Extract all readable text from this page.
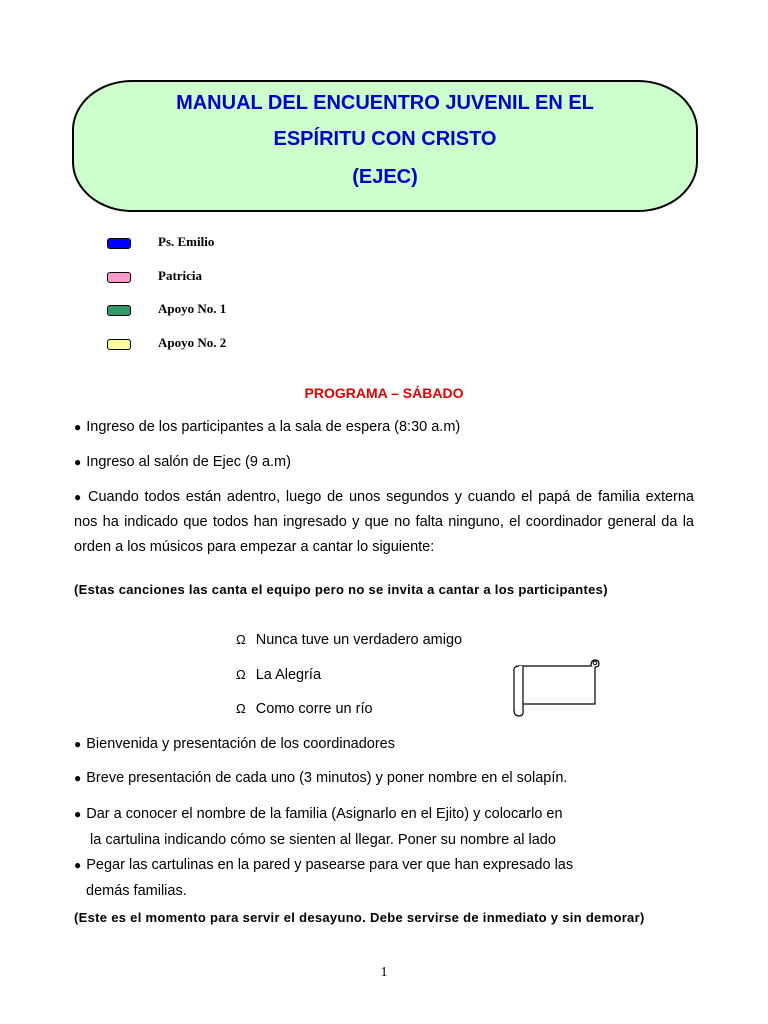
MANUAL DEL ENCUENTRO JUVENIL EN EL
ESPÍRITU CON CRISTO
(EJEC)
Ps. Emilio
Patricia
Apoyo No. 1
Apoyo No. 2
PROGRAMA – SÁBADO
● Ingreso de los participantes a la sala de espera (8:30 a.m)
● Ingreso al salón de Ejec (9 a.m)
● Cuando todos están adentro, luego de unos segundos y cuando el papá de familia externa nos ha indicado que todos han ingresado y que no falta ninguno, el coordinador general da la orden a los músicos para empezar a cantar lo siguiente:
(Estas canciones las canta el equipo pero no se invita a cantar a los participantes)
Ω Nunca tuve un verdadero amigo
Ω La Alegría
Ω Como corre un río
● Bienvenida y presentación de los coordinadores
● Breve presentación de cada uno (3 minutos) y poner nombre en el solapín.
● Dar a conocer el nombre de la familia (Asignarlo en el Ejito) y colocarlo en
la cartulina indicando cómo se sienten al llegar. Poner su nombre al lado
● Pegar las cartulinas en la pared y pasearse para ver que han expresado las
demás familias.
(Este es el momento para servir el desayuno. Debe servirse de inmediato y sin demorar)
1
